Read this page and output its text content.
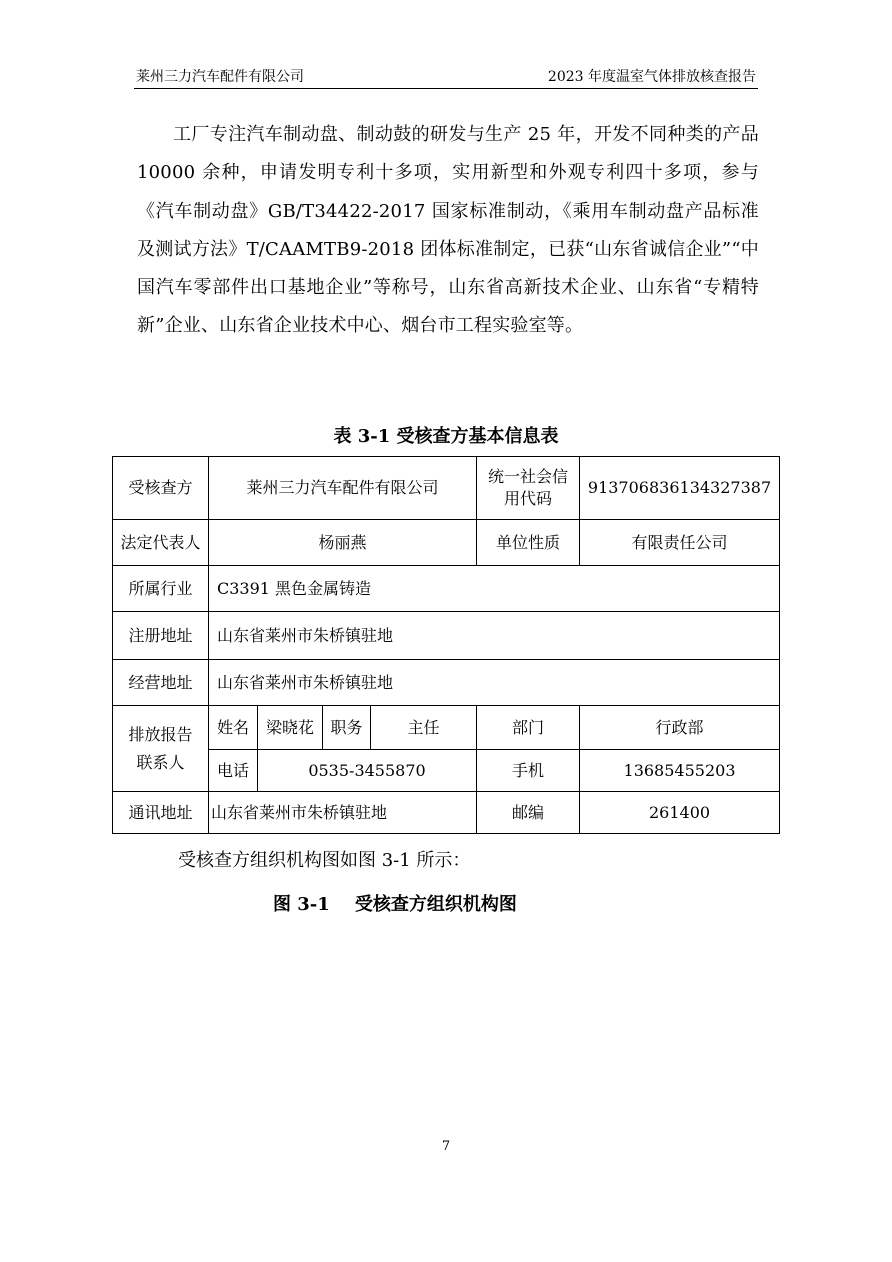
莱州三力汽车配件有限公司	2023 年度温室气体排放核查报告
工厂专注汽车制动盘、制动鼓的研发与生产 25 年，开发不同种类的产品 10000 余种，申请发明专利十多项，实用新型和外观专利四十多项，参与《汽车制动盘》GB/T34422-2017 国家标准制动，《乘用车制动盘产品标准及测试方法》T/CAAMTB9-2018 团体标准制定，已获“山东省诚信企业”“中国汽车零部件出口基地企业”等称号，山东省高新技术企业、山东省“专精特新”企业、山东省企业技术中心、烟台市工程实验室等。
表 3-1 受核查方基本信息表
受核查方	莱州三力汽车配件有限公司				统一社会信用代码	913706836134327387
法定代表人	杨丽燕				单位性质	有限责任公司
所属行业	C3391 黑色金属铸造					
注册地址	山东省莱州市朱桥镇驻地					
经营地址	山东省莱州市朱桥镇驻地					
排放报告联系人	姓名	梁晓花	职务	主任	部门	行政部
	电话	0535-3455870			手机	13685455203
通讯地址	山东省莱州市朱桥镇驻地				邮编	261400
受核查方组织机构图如图 3-1 所示：
图 3-1    受核查方组织机构图
7
